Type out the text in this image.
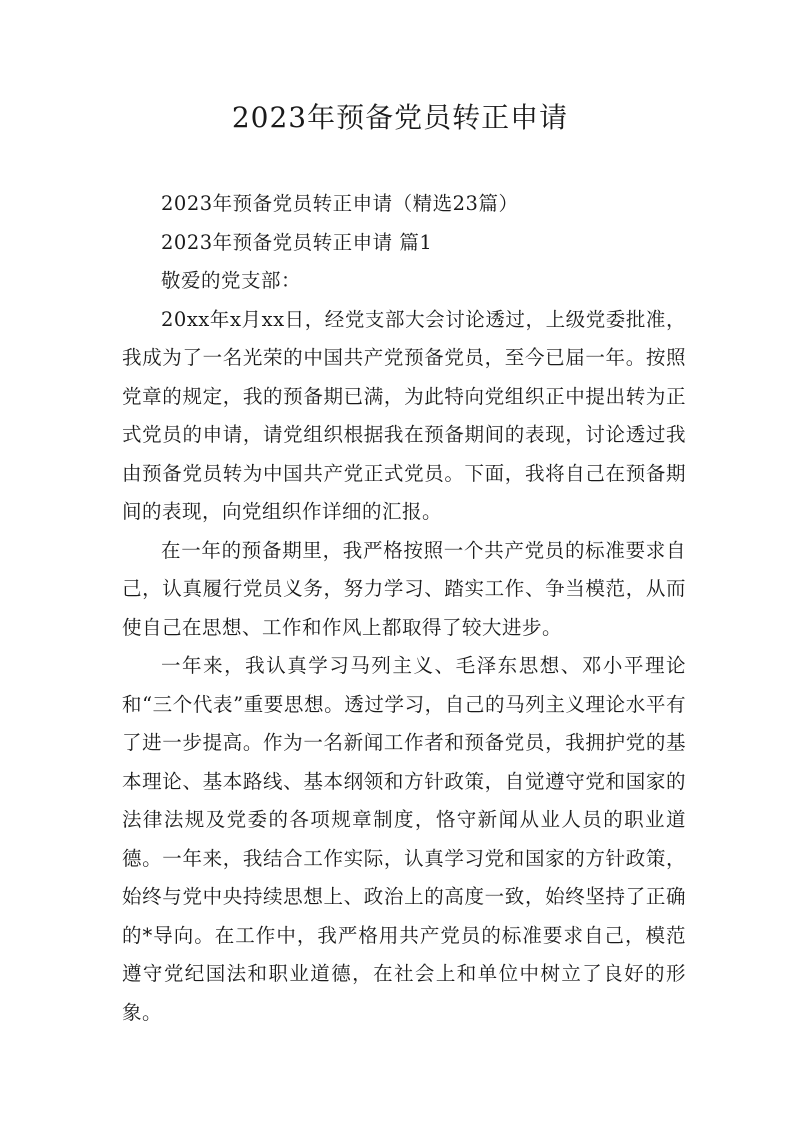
2023年预备党员转正申请

2023年预备党员转正申请（精选23篇）

2023年预备党员转正申请 篇1

敬爱的党支部：

20xx年x月xx日，经党支部大会讨论透过，上级党委批准，我成为了一名光荣的中国共产党预备党员，至今已届一年。按照党章的规定，我的预备期已满，为此特向党组织正中提出转为正式党员的申请，请党组织根据我在预备期间的表现，讨论透过我由预备党员转为中国共产党正式党员。下面，我将自己在预备期间的表现，向党组织作详细的汇报。

在一年的预备期里，我严格按照一个共产党员的标准要求自己，认真履行党员义务，努力学习、踏实工作、争当模范，从而使自己在思想、工作和作风上都取得了较大进步。

一年来，我认真学习马列主义、毛泽东思想、邓小平理论和“三个代表”重要思想。透过学习，自己的马列主义理论水平有了进一步提高。作为一名新闻工作者和预备党员，我拥护党的基本理论、基本路线、基本纲领和方针政策，自觉遵守党和国家的法律法规及党委的各项规章制度，恪守新闻从业人员的职业道德。一年来，我结合工作实际，认真学习党和国家的方针政策，始终与党中央持续思想上、政治上的高度一致，始终坚持了正确的*导向。在工作中，我严格用共产党员的标准要求自己，模范遵守党纪国法和职业道德，在社会上和单位中树立了良好的形象。
